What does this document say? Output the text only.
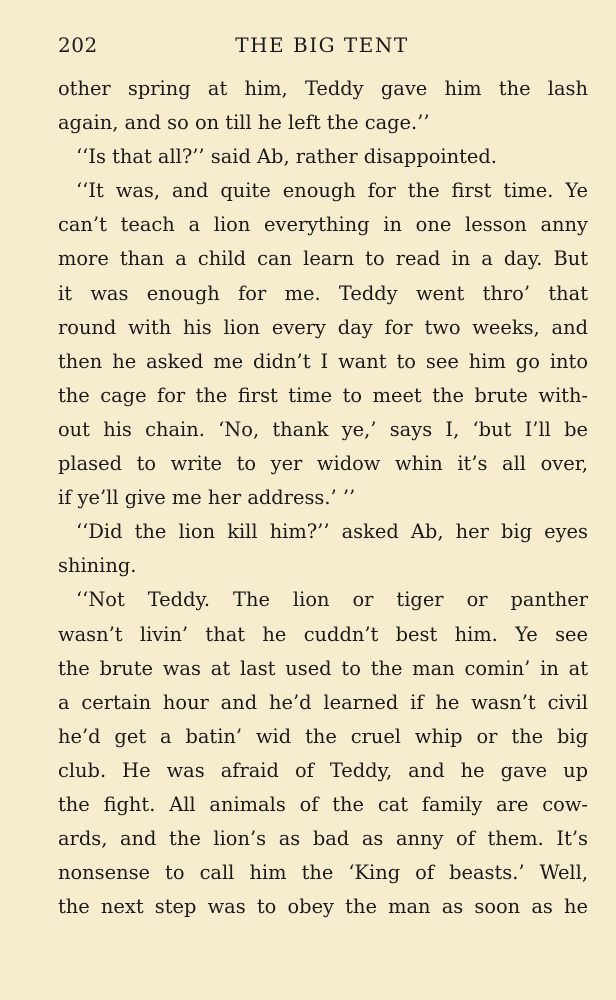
202	THE BIG TENT
other spring at him, Teddy gave him the lash
again, and so on till he left the cage.’’
‘‘Is that all?’’ said Ab, rather disappointed.
‘‘It was, and quite enough for the first time. Ye
can’t teach a lion everything in one lesson anny
more than a child can learn to read in a day. But
it was enough for me. Teddy went thro’ that
round with his lion every day for two weeks, and
then he asked me didn’t I want to see him go into
the cage for the first time to meet the brute with-
out his chain. ‘No, thank ye,’ says I, ‘but I’ll be
plased to write to yer widow whin it’s all over,
if ye’ll give me her address.’ ’’
‘‘Did the lion kill him?’’ asked Ab, her big eyes
shining.
‘‘Not Teddy. The lion or tiger or panther
wasn’t livin’ that he cuddn’t best him. Ye see
the brute was at last used to the man comin’ in at
a certain hour and he’d learned if he wasn’t civil
he’d get a batin’ wid the cruel whip or the big
club. He was afraid of Teddy, and he gave up
the fight. All animals of the cat family are cow-
ards, and the lion’s as bad as anny of them. It’s
nonsense to call him the ‘King of beasts.’ Well,
the next step was to obey the man as soon as he
